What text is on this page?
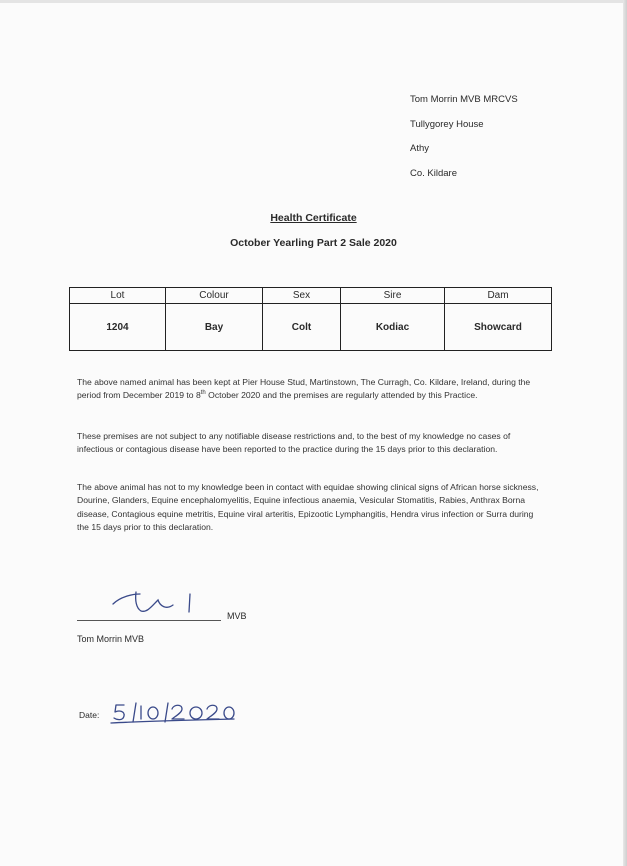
Tom Morrin MVB MRCVS
Tullygorey House
Athy
Co. Kildare
Health Certificate
October Yearling Part 2 Sale 2020
Lot	Colour	Sex	Sire	Dam
1204	Bay	Colt	Kodiac	Showcard
The above named animal has been kept at Pier House Stud, Martinstown, The Curragh, Co. Kildare, Ireland, during the period from December 2019 to 8th October 2020 and the premises are regularly attended by this Practice.
These premises are not subject to any notifiable disease restrictions and, to the best of my knowledge no cases of infectious or contagious disease have been reported to the practice during the 15 days prior to this declaration.
The above animal has not to my knowledge been in contact with equidae showing clinical signs of African horse sickness, Dourine, Glanders, Equine encephalomyelitis, Equine infectious anaemia, Vesicular Stomatitis, Rabies, Anthrax Borna disease, Contagious equine metritis, Equine viral arteritis, Epizootic Lymphangitis, Hendra virus infection or Surra during the 15 days prior to this declaration.
MVB
Tom Morrin MVB
Date:
